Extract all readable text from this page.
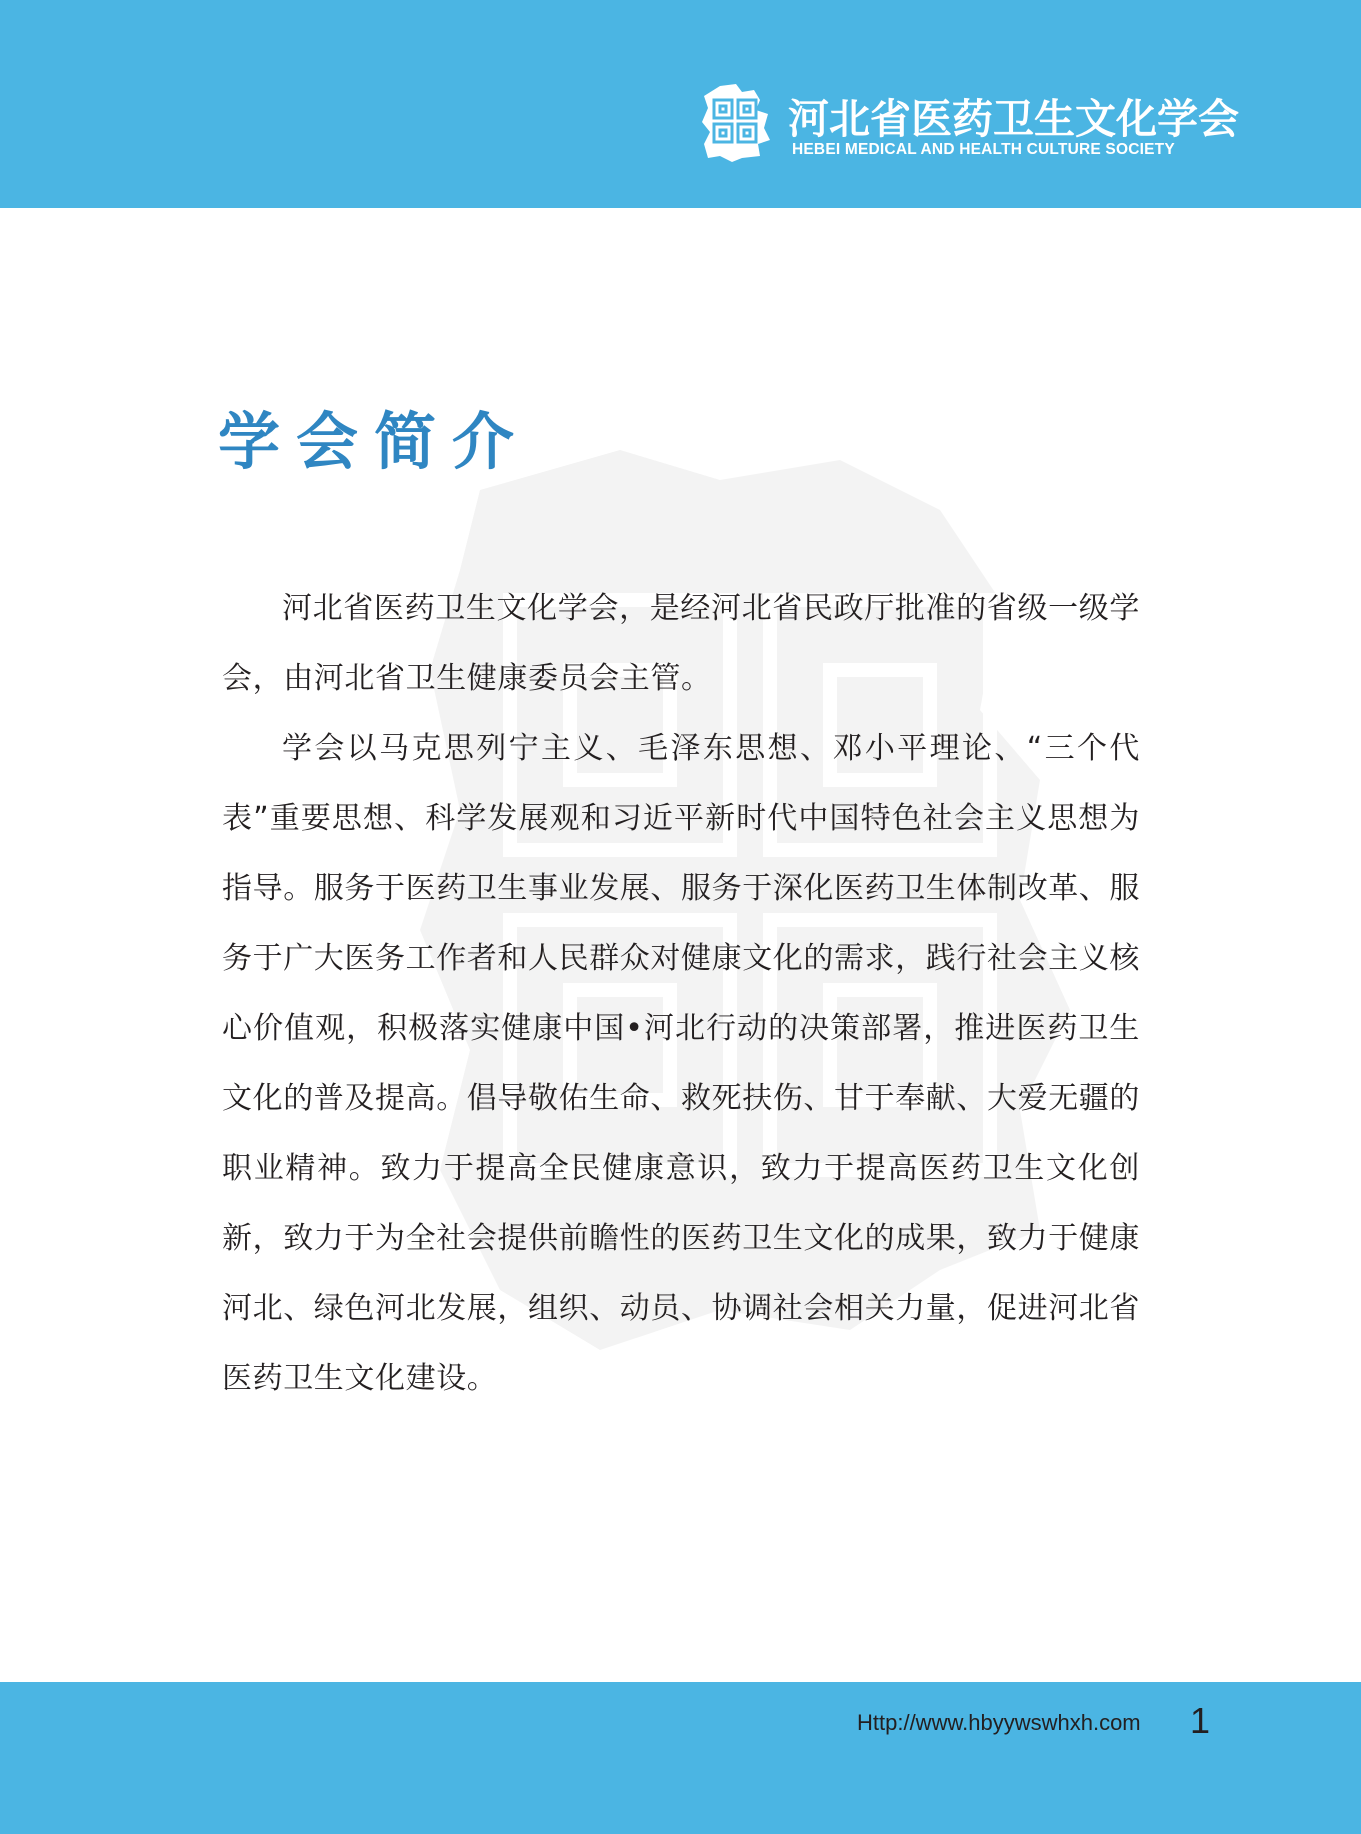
河北省医药卫生文化学会
HEBEI MEDICAL AND HEALTH CULTURE SOCIETY
学会简介

河北省医药卫生文化学会，是经河北省民政厅批准的省级一级学会，由河北省卫生健康委员会主管。

学会以马克思列宁主义、毛泽东思想、邓小平理论、“三个代表”重要思想、科学发展观和习近平新时代中国特色社会主义思想为指导。服务于医药卫生事业发展、服务于深化医药卫生体制改革、服务于广大医务工作者和人民群众对健康文化的需求，践行社会主义核心价值观，积极落实健康中国•河北行动的决策部署，推进医药卫生文化的普及提高。倡导敬佑生命、救死扶伤、甘于奉献、大爱无疆的职业精神。致力于提高全民健康意识，致力于提高医药卫生文化创新，致力于为全社会提供前瞻性的医药卫生文化的成果，致力于健康河北、绿色河北发展，组织、动员、协调社会相关力量，促进河北省医药卫生文化建设。

Http://www.hbyywswhxh.com 1
